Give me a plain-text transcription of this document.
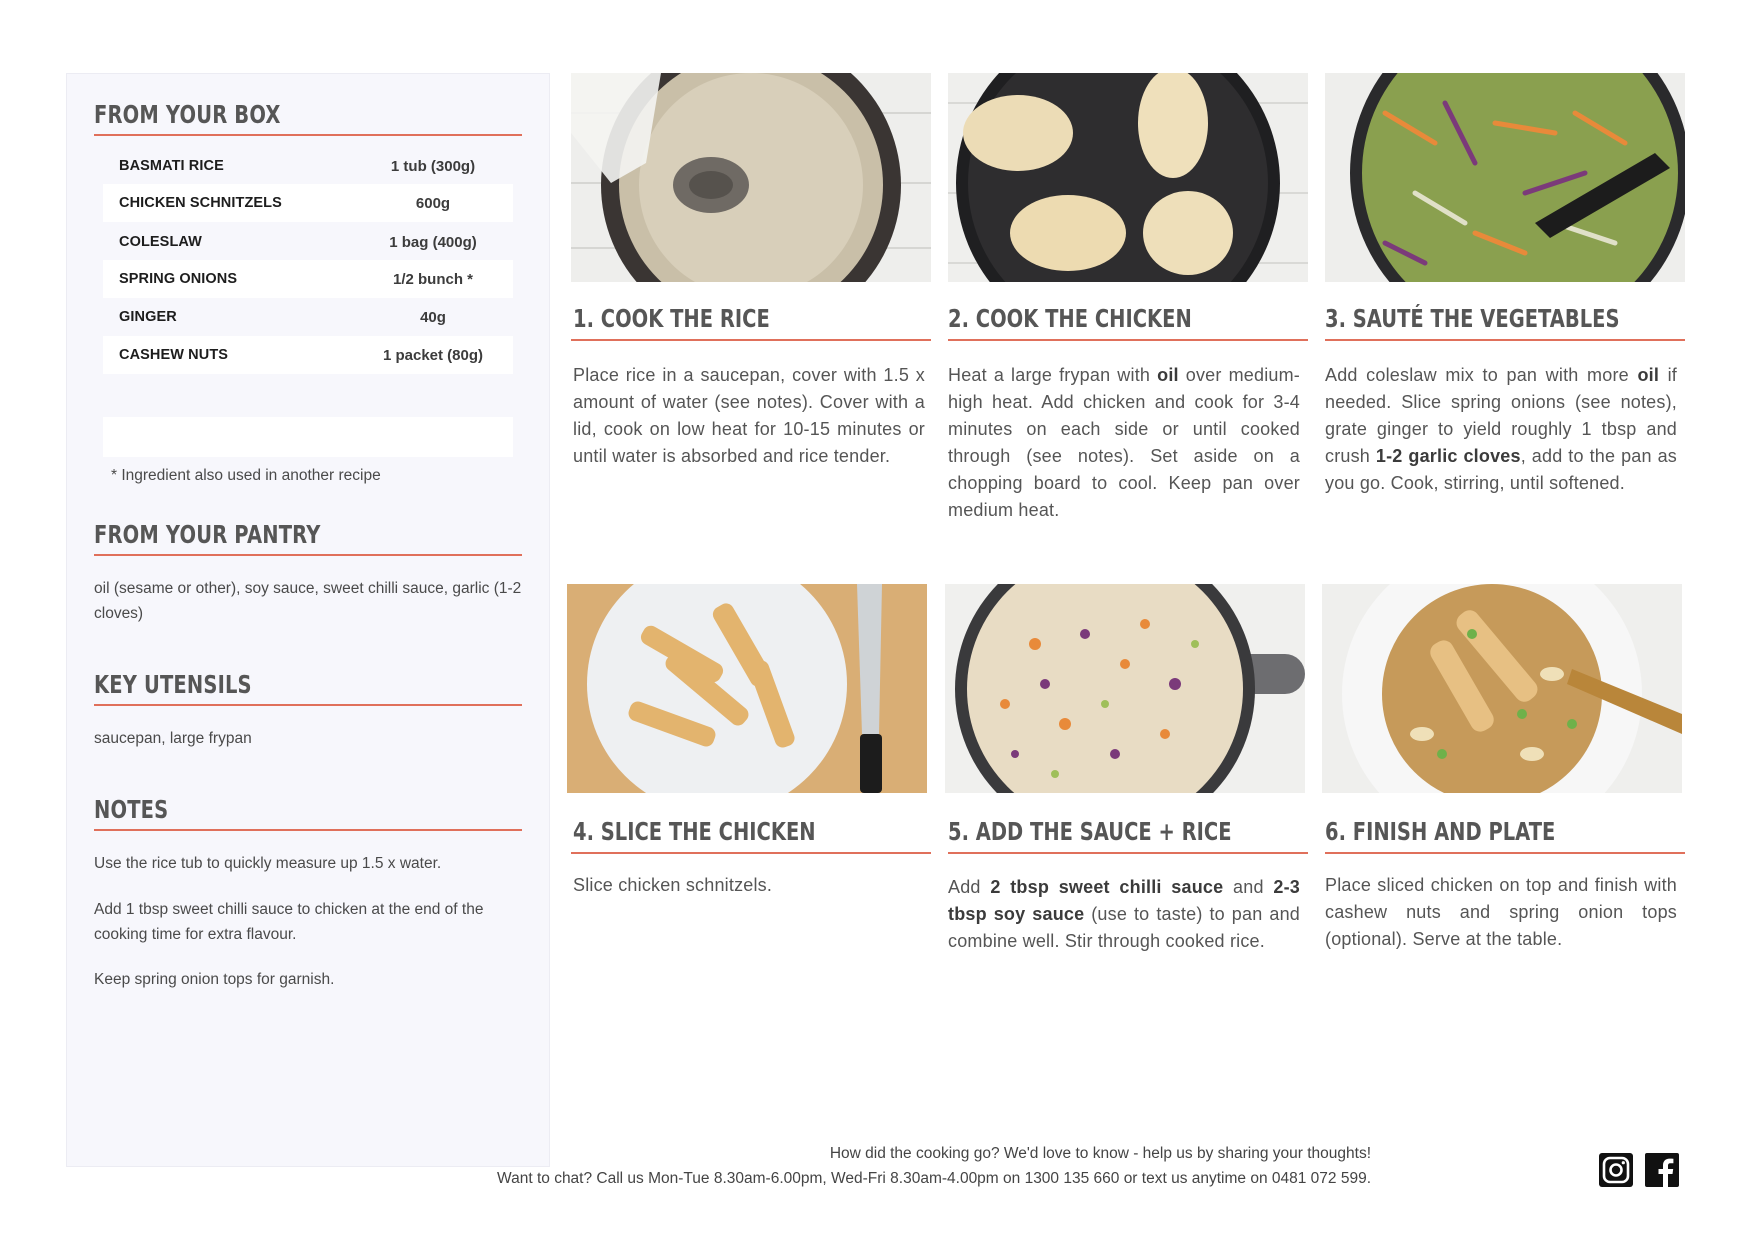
FROM YOUR BOX
BASMATI RICE	1 tub (300g)
CHICKEN SCHNITZELS	600g
COLESLAW	1 bag (400g)
SPRING ONIONS	1/2 bunch *
GINGER	40g
CASHEW NUTS	1 packet (80g)
* Ingredient also used in another recipe
FROM YOUR PANTRY
oil (sesame or other), soy sauce, sweet chilli sauce, garlic (1-2 cloves)
KEY UTENSILS
saucepan, large frypan
NOTES
Use the rice tub to quickly measure up 1.5 x water.
Add 1 tbsp sweet chilli sauce to chicken at the end of the cooking time for extra flavour.
Keep spring onion tops for garnish.
1. COOK THE RICE
Place rice in a saucepan, cover with 1.5 x amount of water (see notes). Cover with a lid, cook on low heat for 10-15 minutes or until water is absorbed and rice tender.
2. COOK THE CHICKEN
Heat a large frypan with oil over medium-high heat. Add chicken and cook for 3-4 minutes on each side or until cooked through (see notes). Set aside on a chopping board to cool. Keep pan over medium heat.
3. SAUTÉ THE VEGETABLES
Add coleslaw mix to pan with more oil if needed. Slice spring onions (see notes), grate ginger to yield roughly 1 tbsp and crush 1-2 garlic cloves, add to the pan as you go. Cook, stirring, until softened.
4. SLICE THE CHICKEN
Slice chicken schnitzels.
5. ADD THE SAUCE + RICE
Add 2 tbsp sweet chilli sauce and 2-3 tbsp soy sauce (use to taste) to pan and combine well. Stir through cooked rice.
6. FINISH AND PLATE
Place sliced chicken on top and finish with cashew nuts and spring onion tops (optional). Serve at the table.
How did the cooking go? We'd love to know - help us by sharing your thoughts!
Want to chat? Call us Mon-Tue 8.30am-6.00pm, Wed-Fri 8.30am-4.00pm on 1300 135 660 or text us anytime on 0481 072 599.
